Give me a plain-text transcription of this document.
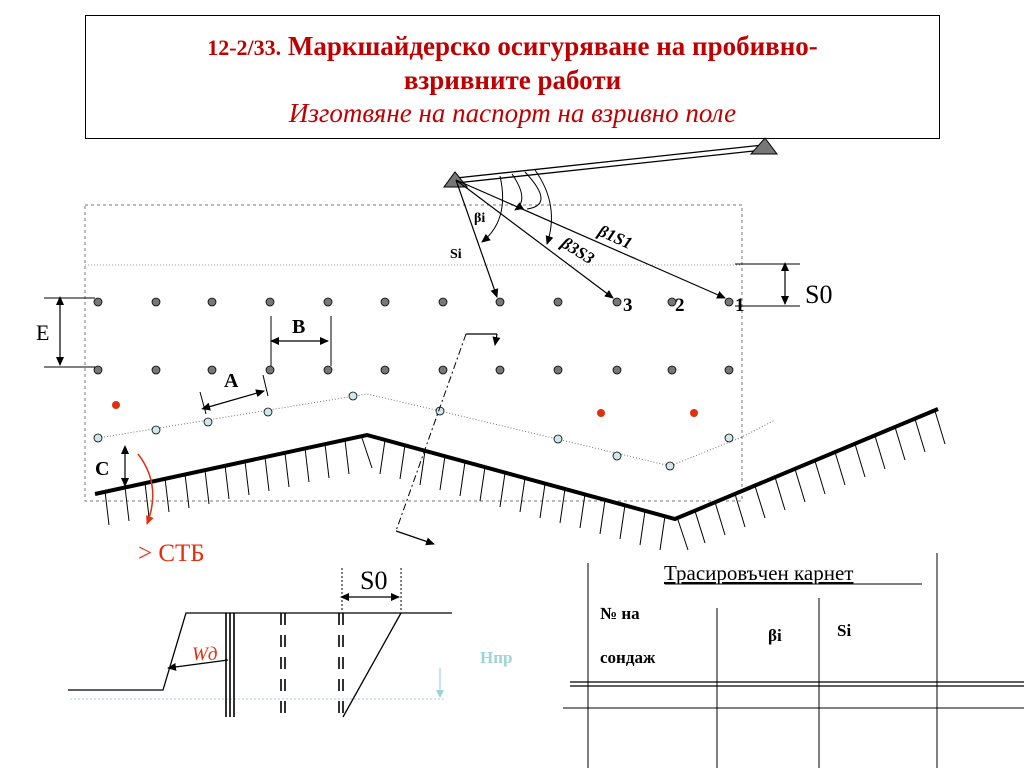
12-2/33. Маркшайдерско осигуряване на пробивно-
взривните работи
Изготвяне на паспорт на взривно поле
βi
Si
β1S1
β3S3
3 2	1 S0
E	B
A
C
> CТБ
Нпр
Wд
S0	Трасировъчен карнет
№ на
сондаж
βi	Si
